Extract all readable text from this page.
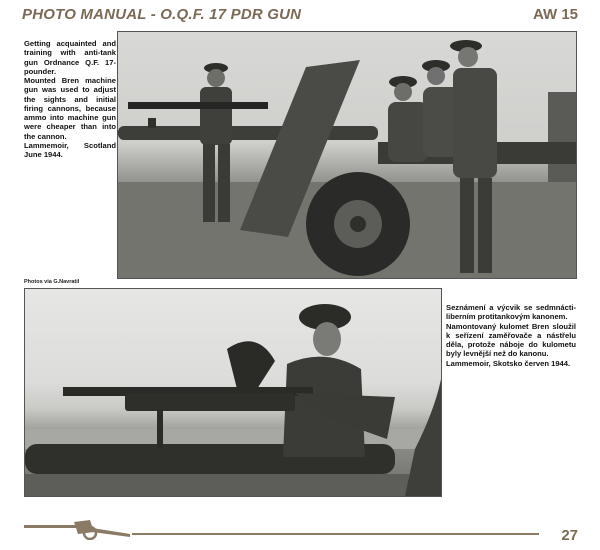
PHOTO MANUAL - O.Q.F. 17 PDR GUN	AW 15
Getting acquainted and training with anti-tank gun Ordnance Q.F. 17-pounder.
Mounted Bren machine gun was used to adjust the sights and initial firing cannons, because ammo into machine gun were cheaper than into the cannon.
Lammemoir, Scotland June 1944.
Photos via G.Navratil
Seznámení a výcvik se sedmnácti-liberním protitankovým kanonem.
Namontovaný kulomet Bren sloužil k seřízení zaměřovače a nástřelu děla, protože náboje do kulometu byly levnější než do kanonu.
Lammemoir, Skotsko červen 1944.
27
